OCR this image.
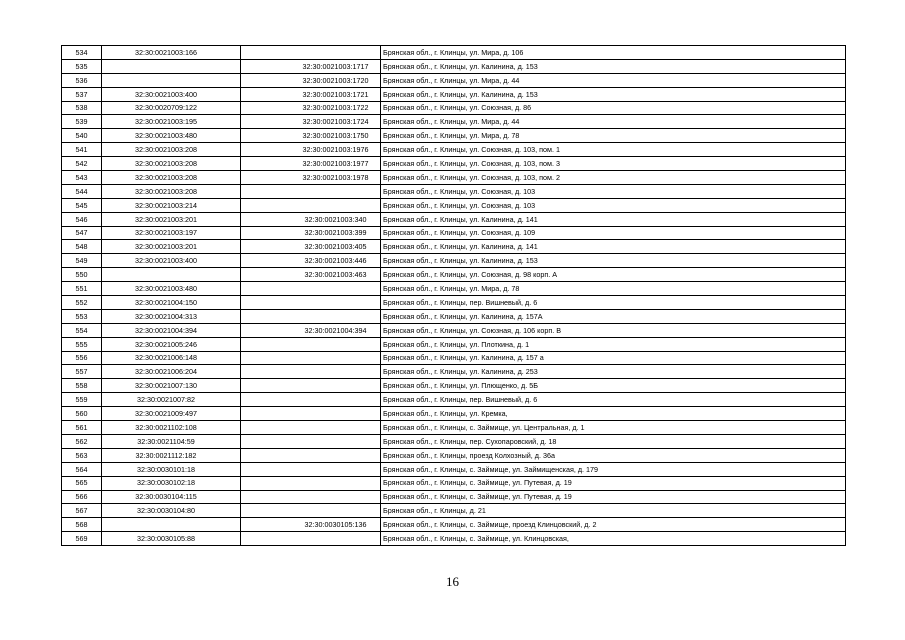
534	32:30:0021003:166		Брянская обл., г. Клинцы, ул. Мира, д. 106
535		32:30:0021003:1717	Брянская обл., г. Клинцы, ул. Калинина, д. 153
536		32:30:0021003:1720	Брянская обл., г. Клинцы, ул. Мира, д. 44
537	32:30:0021003:400	32:30:0021003:1721	Брянская обл., г. Клинцы, ул. Калинина, д. 153
538	32:30:0020709:122	32:30:0021003:1722	Брянская обл., г. Клинцы, ул. Союзная, д. 86
539	32:30:0021003:195	32:30:0021003:1724	Брянская обл., г. Клинцы, ул. Мира, д. 44
540	32:30:0021003:480	32:30:0021003:1750	Брянская обл., г. Клинцы, ул. Мира, д. 78
541	32:30:0021003:208	32:30:0021003:1976	Брянская обл., г. Клинцы, ул. Союзная, д. 103, пом. 1
542	32:30:0021003:208	32:30:0021003:1977	Брянская обл., г. Клинцы, ул. Союзная, д. 103, пом. 3
543	32:30:0021003:208	32:30:0021003:1978	Брянская обл., г. Клинцы, ул. Союзная, д. 103, пом. 2
544	32:30:0021003:208		Брянская обл., г. Клинцы, ул. Союзная, д. 103
545	32:30:0021003:214		Брянская обл., г. Клинцы, ул. Союзная, д. 103
546	32:30:0021003:201	32:30:0021003:340	Брянская обл., г. Клинцы, ул. Калинина, д. 141
547	32:30:0021003:197	32:30:0021003:399	Брянская обл., г. Клинцы, ул. Союзная, д. 109
548	32:30:0021003:201	32:30:0021003:405	Брянская обл., г. Клинцы, ул. Калинина, д. 141
549	32:30:0021003:400	32:30:0021003:446	Брянская обл., г. Клинцы, ул. Калинина, д. 153
550		32:30:0021003:463	Брянская обл., г. Клинцы, ул. Союзная, д. 98 корп. А
551	32:30:0021003:480		Брянская обл., г. Клинцы, ул. Мира, д. 78
552	32:30:0021004:150		Брянская обл., г. Клинцы, пер. Вишневый, д. 6
553	32:30:0021004:313		Брянская обл., г. Клинцы, ул. Калинина, д. 157А
554	32:30:0021004:394	32:30:0021004:394	Брянская обл., г. Клинцы, ул. Союзная, д. 106 корп. В
555	32:30:0021005:246		Брянская обл., г. Клинцы, ул. Плоткина, д. 1
556	32:30:0021006:148		Брянская обл., г. Клинцы, ул. Калинина, д. 157 а
557	32:30:0021006:204		Брянская обл., г. Клинцы, ул. Калинина, д. 253
558	32:30:0021007:130		Брянская обл., г. Клинцы, ул. Плющенко, д. 5Б
559	32:30:0021007:82		Брянская обл., г. Клинцы, пер. Вишневый, д. 6
560	32:30:0021009:497		Брянская обл., г. Клинцы, ул. Кремка,
561	32:30:0021102:108		Брянская обл., г. Клинцы, с. Займище, ул. Центральная, д. 1
562	32:30:0021104:59		Брянская обл., г. Клинцы, пер. Сухопаровский, д. 18
563	32:30:0021112:182		Брянская обл., г. Клинцы, проезд Колхозный, д. 36а
564	32:30:0030101:18		Брянская обл., г. Клинцы, с. Займище, ул. Займищенская, д. 179
565	32:30:0030102:18		Брянская обл., г. Клинцы, с. Займище, ул. Путевая, д. 19
566	32:30:0030104:115		Брянская обл., г. Клинцы, с. Займище, ул. Путевая, д. 19
567	32:30:0030104:80		Брянская обл., г. Клинцы, д. 21
568		32:30:0030105:136	Брянская обл., г. Клинцы, с. Займище, проезд Клинцовский, д. 2
569	32:30:0030105:88		Брянская обл., г. Клинцы, с. Займище, ул. Клинцовская,
16
